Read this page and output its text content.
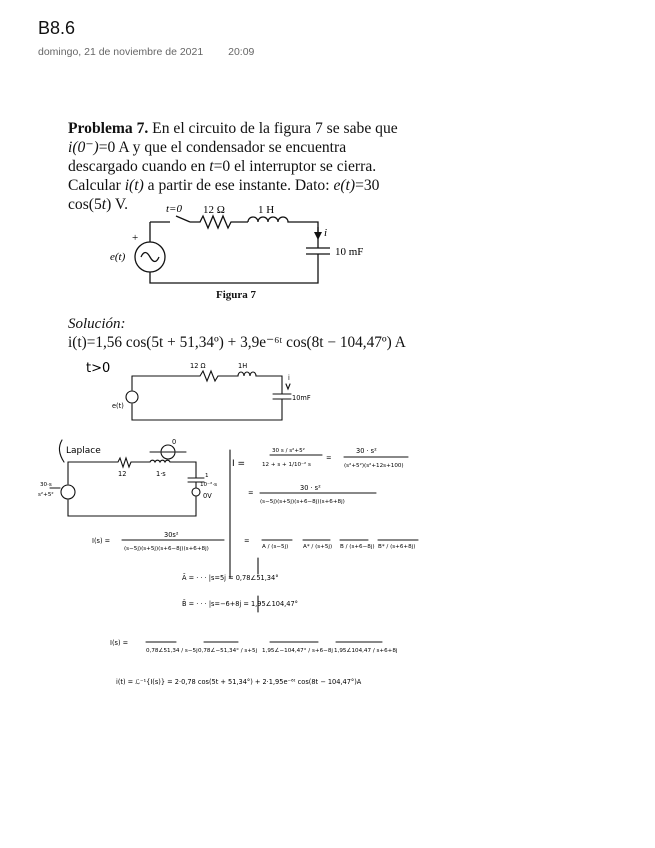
B8.6
domingo, 21 de noviembre de 2021 20:09
Problema 7. En el circuito de la figura 7 se sabe que i(0⁻)=0 A y que el condensador se encuentra descargado cuando en t=0 el interruptor se cierra. Calcular i(t) a partir de ese instante. Dato: e(t)=30 cos(5t) V.	t=0 12 Ω	1 H
e(t)
+	i
10 mF
Figura 7
Solución:
i(t)=1,56 cos(5t + 51,34º) + 3,9e⁻⁶ᵗ cos(8t − 104,47º) A
t>0	12 Ω	1H
e(t)
i
10mF
Laplace
0
12	1·s	1
10⁻²·s
0V
30·s
s²+5²
I =
30 s / s²+5²
12 + s + 1/10⁻² s
=
30 · s²
(s²+5²)(s²+12s+100)
=
30 · s²
(s−5j)(s+5j)(s+6−8j)(s+6+8j)
I(s) =
30s²
(s−5j)(s+5j)(s+6−8j)(s+6+8j)
=
A / (s−5j)	A* / (s+5j) B / (s+6−8j) B* / (s+6+8j)
Ā = · · · |s=5j = 0,78∠51,34°
B̄ = · · · |s=−6+8j = 1,95∠104,47°
I(s) =
0,78∠51,34 / s−5j 0,78∠−51,34° / s+5j 1,95∠−104,47° / s+6−8j 1,95∠104,47 / s+6+8j
i(t) = ℒ⁻¹{I(s)} = 2·0,78 cos(5t + 51,34°) + 2·1,95e⁻⁶ᵗ cos(8t − 104,47°)A
